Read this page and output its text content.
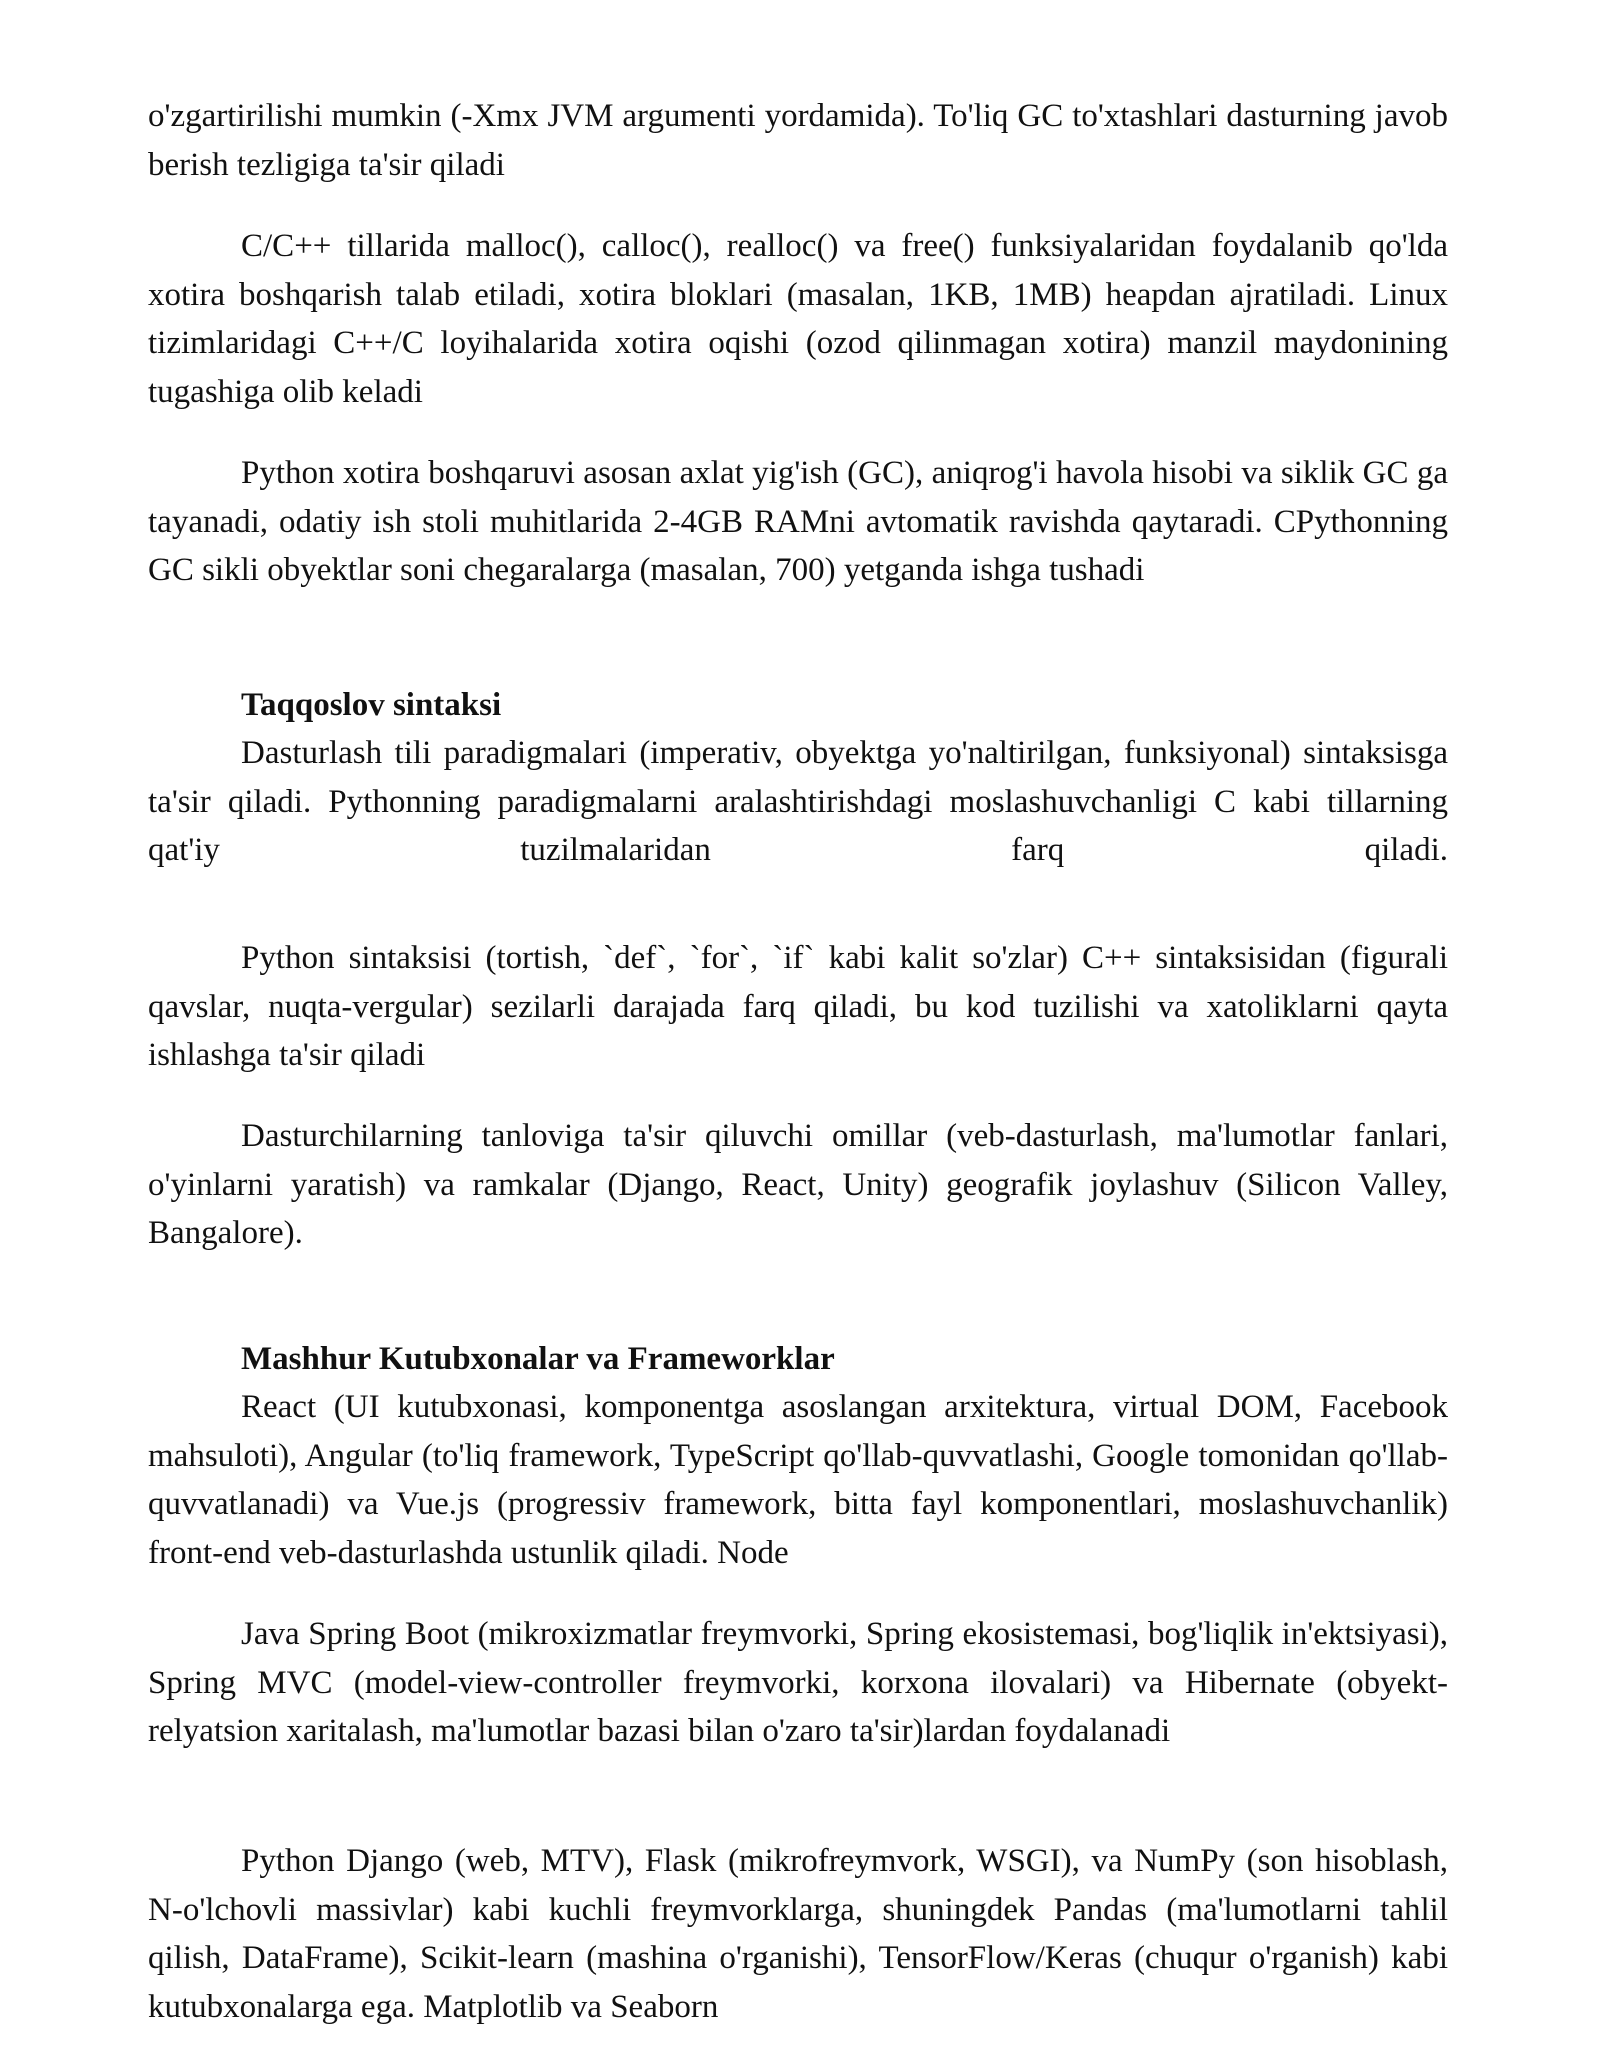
o'zgartirilishi mumkin (-Xmx JVM argumenti yordamida). To'liq GC to'xtashlari dasturning javob berish tezligiga ta'sir qiladi

C/C++ tillarida malloc(), calloc(), realloc() va free() funksiyalaridan foydalanib qo'lda xotira boshqarish talab etiladi, xotira bloklari (masalan, 1KB, 1MB) heapdan ajratiladi. Linux tizimlaridagi C++/C loyihalarida xotira oqishi (ozod qilinmagan xotira) manzil maydonining tugashiga olib keladi

Python xotira boshqaruvi asosan axlat yig'ish (GC), aniqrog'i havola hisobi va siklik GC ga tayanadi, odatiy ish stoli muhitlarida 2-4GB RAMni avtomatik ravishda qaytaradi. CPythonning GC sikli obyektlar soni chegaralarga (masalan, 700) yetganda ishga tushadi

Taqqoslov sintaksi

Dasturlash tili paradigmalari (imperativ, obyektga yo'naltirilgan, funksiyonal) sintaksisga ta'sir qiladi. Pythonning paradigmalarni aralashtirishdagi moslashuvchanligi C kabi tillarning qat'iy tuzilmalaridan farq qiladi.

Python sintaksisi (tortish, `def`, `for`, `if` kabi kalit so'zlar) C++ sintaksisidan (figurali qavslar, nuqta-vergular) sezilarli darajada farq qiladi, bu kod tuzilishi va xatoliklarni qayta ishlashga ta'sir qiladi

Dasturchilarning tanloviga ta'sir qiluvchi omillar (veb-dasturlash, ma'lumotlar fanlari, o'yinlarni yaratish) va ramkalar (Django, React, Unity) geografik joylashuv (Silicon Valley, Bangalore).

Mashhur Kutubxonalar va Frameworklar

React (UI kutubxonasi, komponentga asoslangan arxitektura, virtual DOM, Facebook mahsuloti), Angular (to'liq framework, TypeScript qo'llab-quvvatlashi, Google tomonidan qo'llab-quvvatlanadi) va Vue.js (progressiv framework, bitta fayl komponentlari, moslashuvchanlik) front-end veb-dasturlashda ustunlik qiladi. Node

Java Spring Boot (mikroxizmatlar freymvorki, Spring ekosistemasi, bog'liqlik in'ektsiyasi), Spring MVC (model-view-controller freymvorki, korxona ilovalari) va Hibernate (obyekt-relyatsion xaritalash, ma'lumotlar bazasi bilan o'zaro ta'sir)lardan foydalanadi

Python Django (web, MTV), Flask (mikrofreymvork, WSGI), va NumPy (son hisoblash, N-o'lchovli massivlar) kabi kuchli freymvorklarga, shuningdek Pandas (ma'lumotlarni tahlil qilish, DataFrame), Scikit-learn (mashina o'rganishi), TensorFlow/Keras (chuqur o'rganish) kabi kutubxonalarga ega. Matplotlib va Seaborn
